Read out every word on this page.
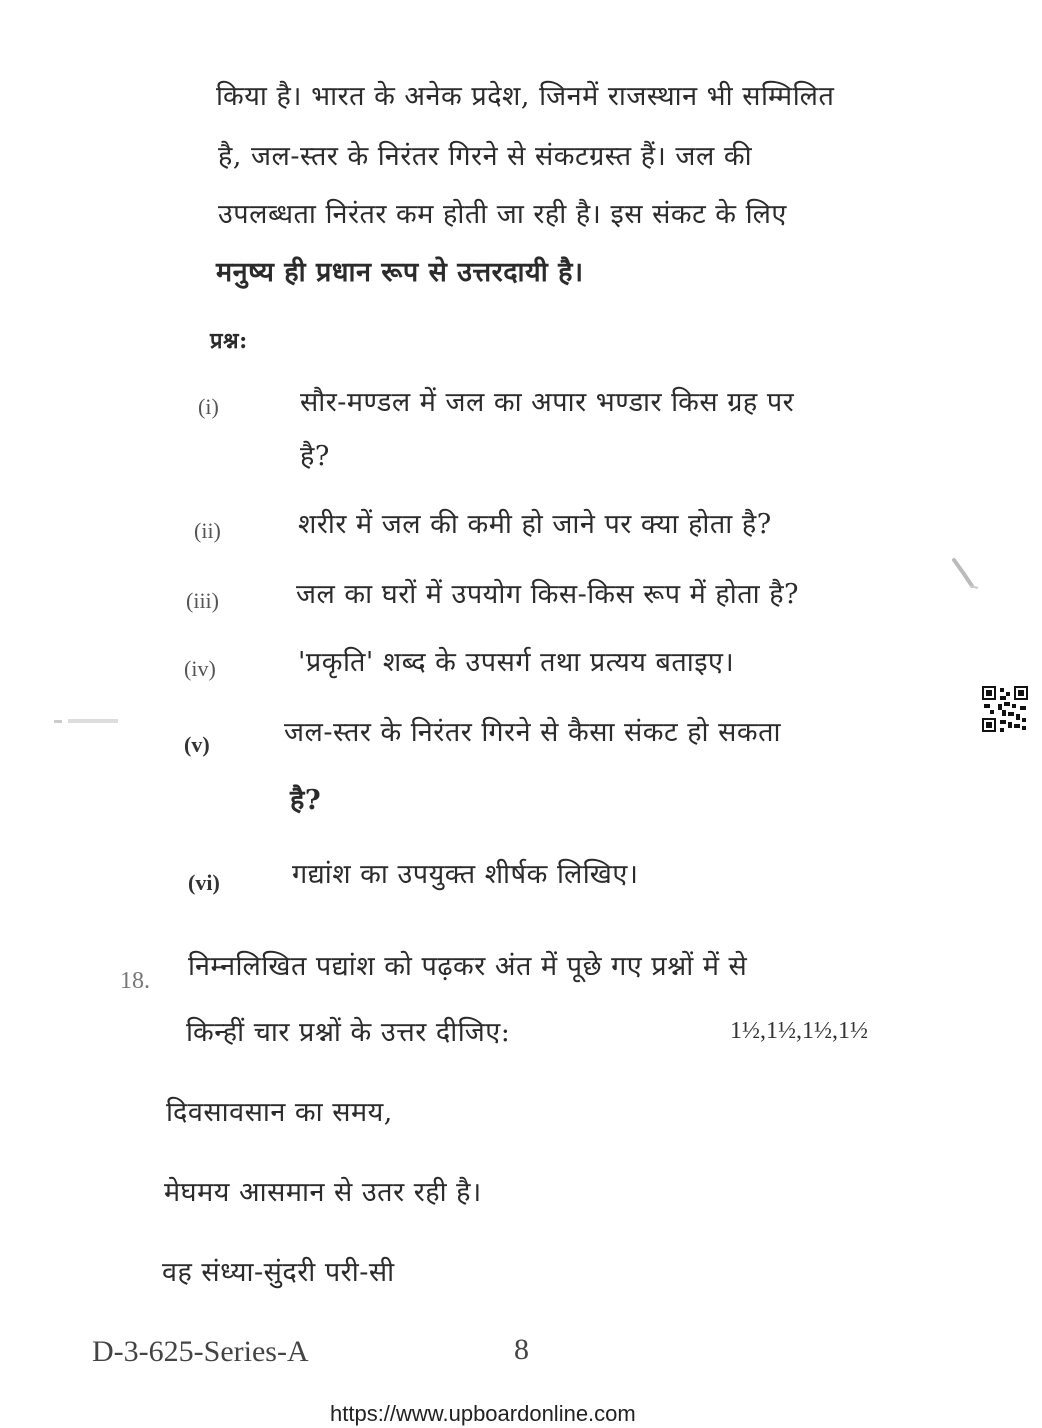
किया है। भारत के अनेक प्रदेश, जिनमें राजस्थान भी सम्मिलित
है, जल-स्तर के निरंतर गिरने से संकटग्रस्त हैं। जल की
उपलब्धता निरंतर कम होती जा रही है। इस संकट के लिए
मनुष्य ही प्रधान रूप से उत्तरदायी है।
प्रश्न:
(i)	सौर-मण्डल में जल का अपार भण्डार किस ग्रह पर
है?
(ii)	शरीर में जल की कमी हो जाने पर क्या होता है?
(iii)	जल का घरों में उपयोग किस-किस रूप में होता है?
(iv)	'प्रकृति' शब्द के उपसर्ग तथा प्रत्यय बताइए।
(v)	जल-स्तर के निरंतर गिरने से कैसा संकट हो सकता
है?
(vi)	गद्यांश का उपयुक्त शीर्षक लिखिए।
18. निम्नलिखित पद्यांश को पढ़कर अंत में पूछे गए प्रश्नों में से
किन्हीं चार प्रश्नों के उत्तर दीजिए:	1½,1½,1½,1½
दिवसावसान का समय,
मेघमय आसमान से उतर रही है।
वह संध्या-सुंदरी परी-सी
D-3-625-Series-A	8
https://www.upboardonline.com
